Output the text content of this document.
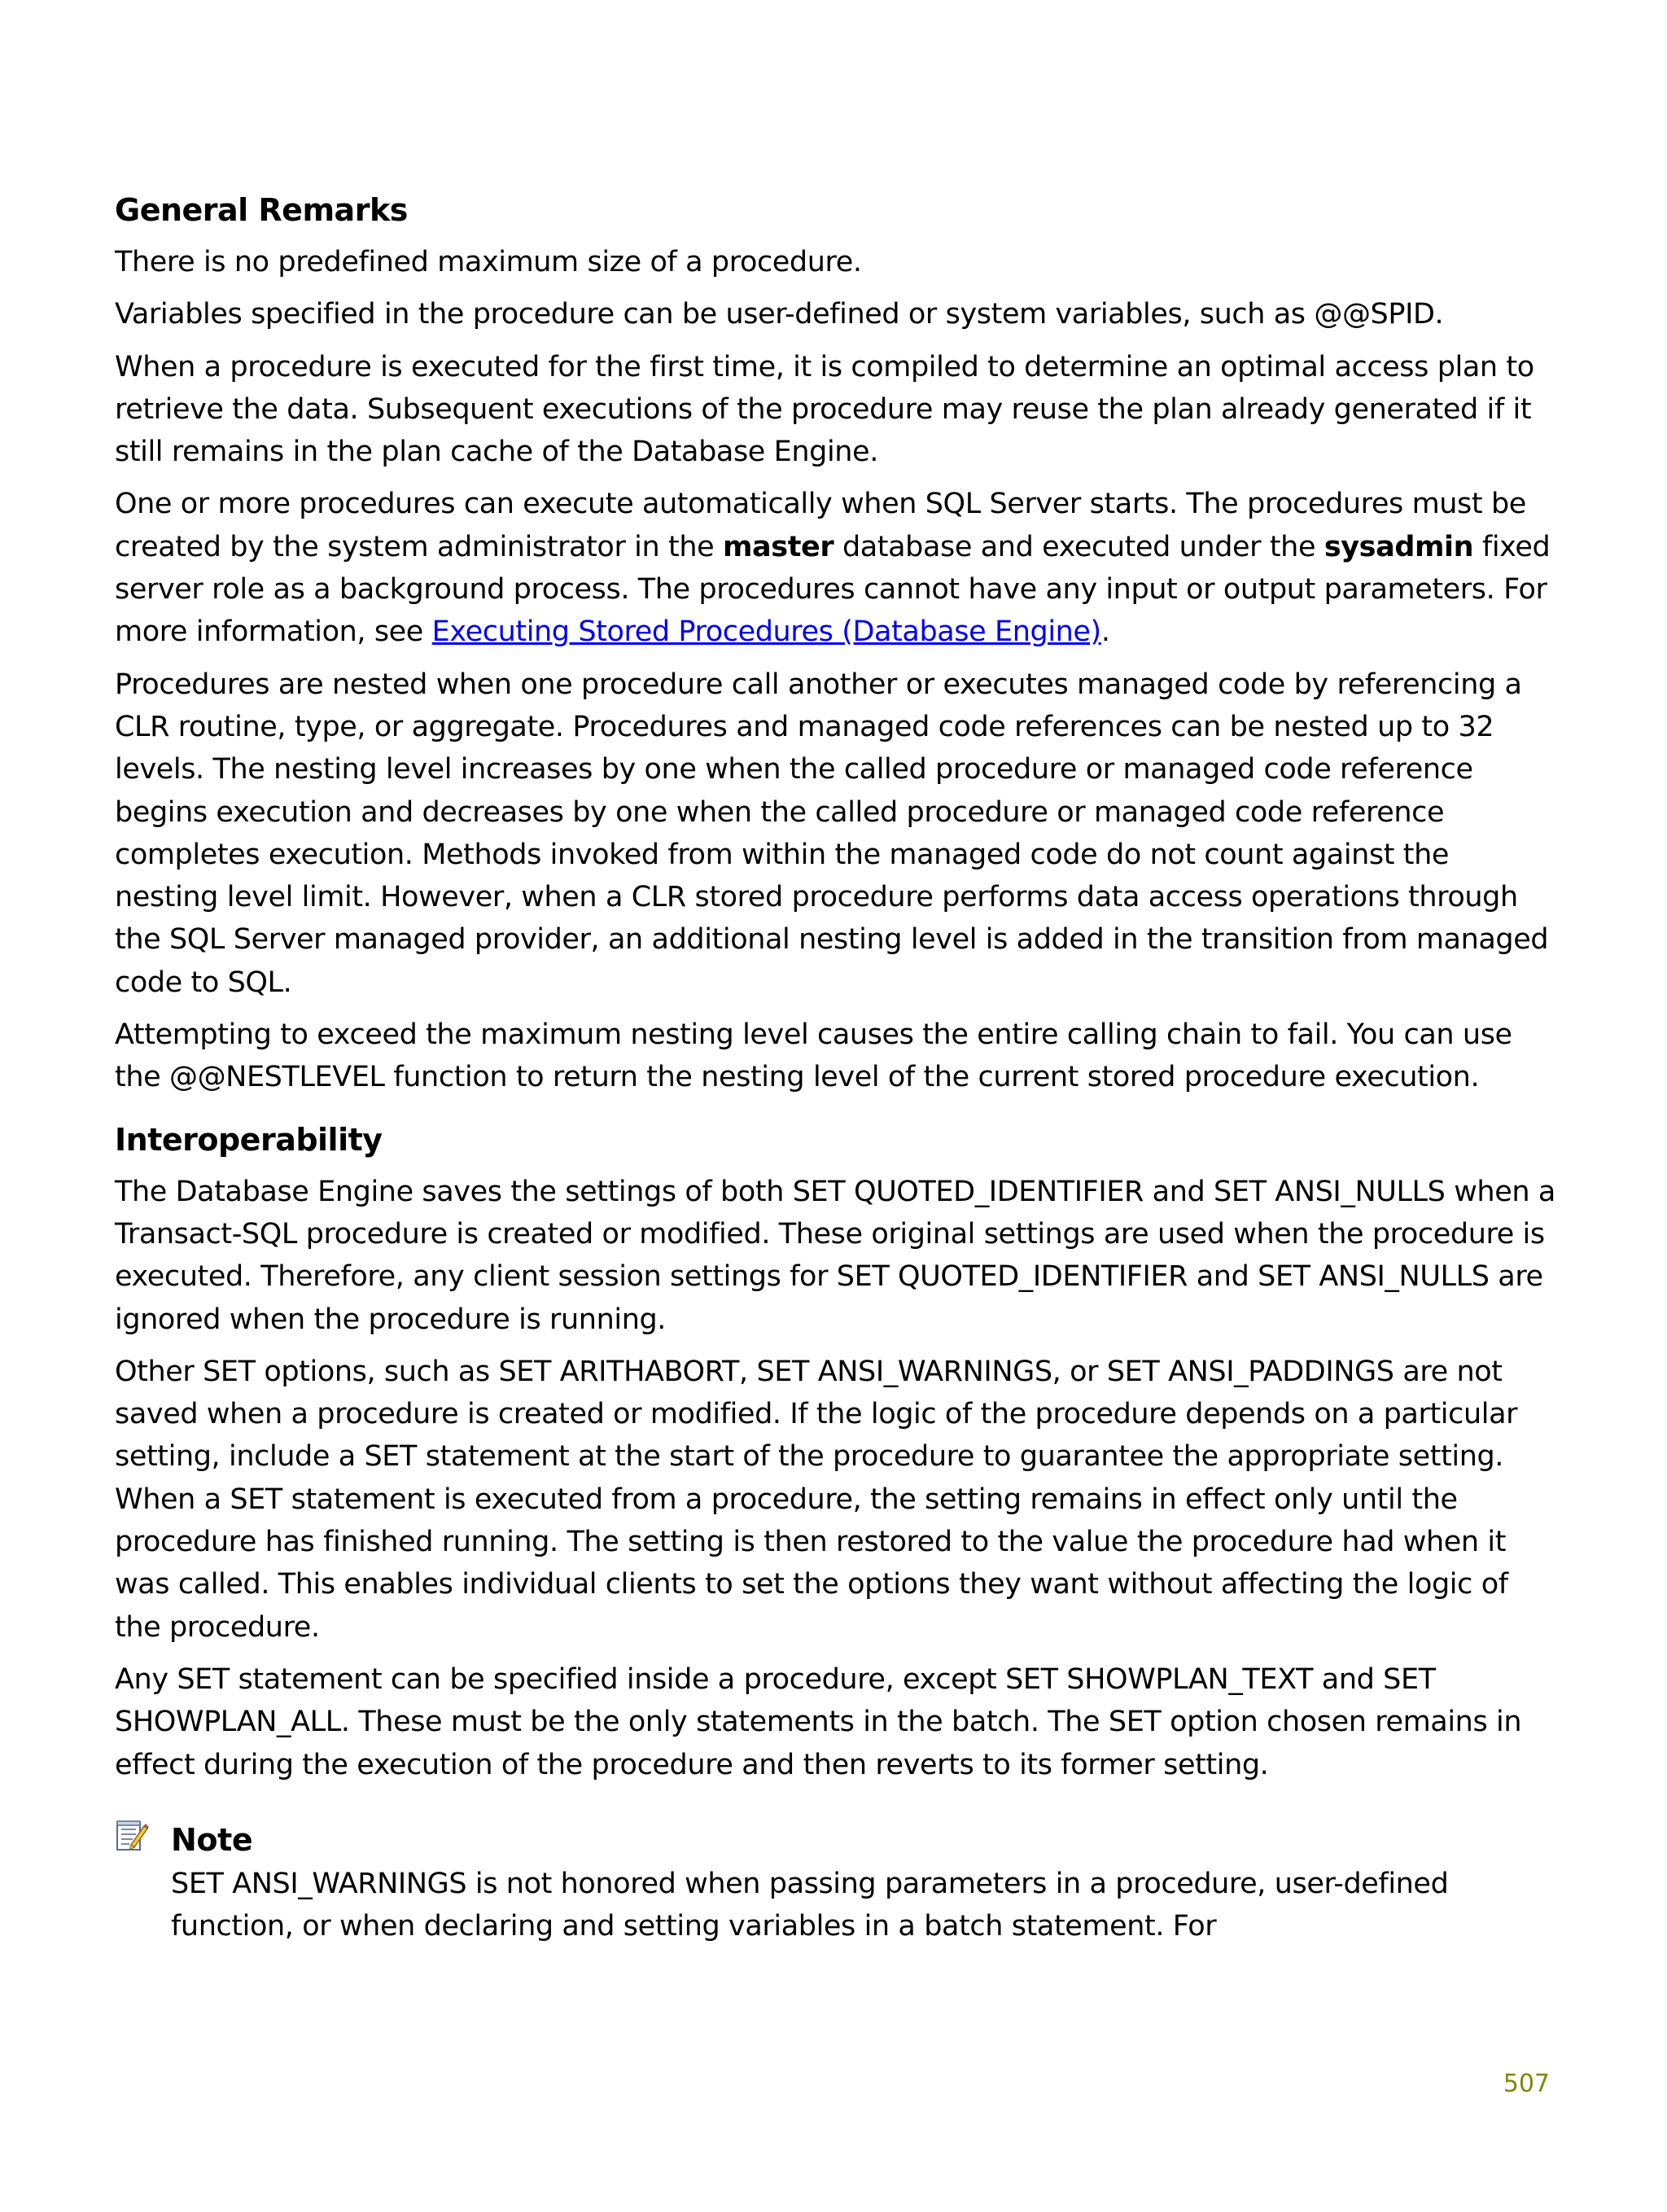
General Remarks

There is no predefined maximum size of a procedure.

Variables specified in the procedure can be user-defined or system variables, such as @@SPID.

When a procedure is executed for the first time, it is compiled to determine an optimal access plan to retrieve the data. Subsequent executions of the procedure may reuse the plan already generated if it still remains in the plan cache of the Database Engine.

One or more procedures can execute automatically when SQL Server starts. The procedures must be created by the system administrator in the master database and executed under the sysadmin fixed server role as a background process. The procedures cannot have any input or output parameters. For more information, see Executing Stored Procedures (Database Engine).

Procedures are nested when one procedure call another or executes managed code by referencing a CLR routine, type, or aggregate. Procedures and managed code references can be nested up to 32 levels. The nesting level increases by one when the called procedure or managed code reference begins execution and decreases by one when the called procedure or managed code reference completes execution. Methods invoked from within the managed code do not count against the nesting level limit. However, when a CLR stored procedure performs data access operations through the SQL Server managed provider, an additional nesting level is added in the transition from managed code to SQL.

Attempting to exceed the maximum nesting level causes the entire calling chain to fail. You can use the @@NESTLEVEL function to return the nesting level of the current stored procedure execution.

Interoperability

The Database Engine saves the settings of both SET QUOTED_IDENTIFIER and SET ANSI_NULLS when a Transact-SQL procedure is created or modified. These original settings are used when the procedure is executed. Therefore, any client session settings for SET QUOTED_IDENTIFIER and SET ANSI_NULLS are ignored when the procedure is running.

Other SET options, such as SET ARITHABORT, SET ANSI_WARNINGS, or SET ANSI_PADDINGS are not saved when a procedure is created or modified. If the logic of the procedure depends on a particular setting, include a SET statement at the start of the procedure to guarantee the appropriate setting. When a SET statement is executed from a procedure, the setting remains in effect only until the procedure has finished running. The setting is then restored to the value the procedure had when it was called. This enables individual clients to set the options they want without affecting the logic of the procedure.

Any SET statement can be specified inside a procedure, except SET SHOWPLAN_TEXT and SET SHOWPLAN_ALL. These must be the only statements in the batch. The SET option chosen remains in effect during the execution of the procedure and then reverts to its former setting.

Note

SET ANSI_WARNINGS is not honored when passing parameters in a procedure, user-defined function, or when declaring and setting variables in a batch statement. For

507
